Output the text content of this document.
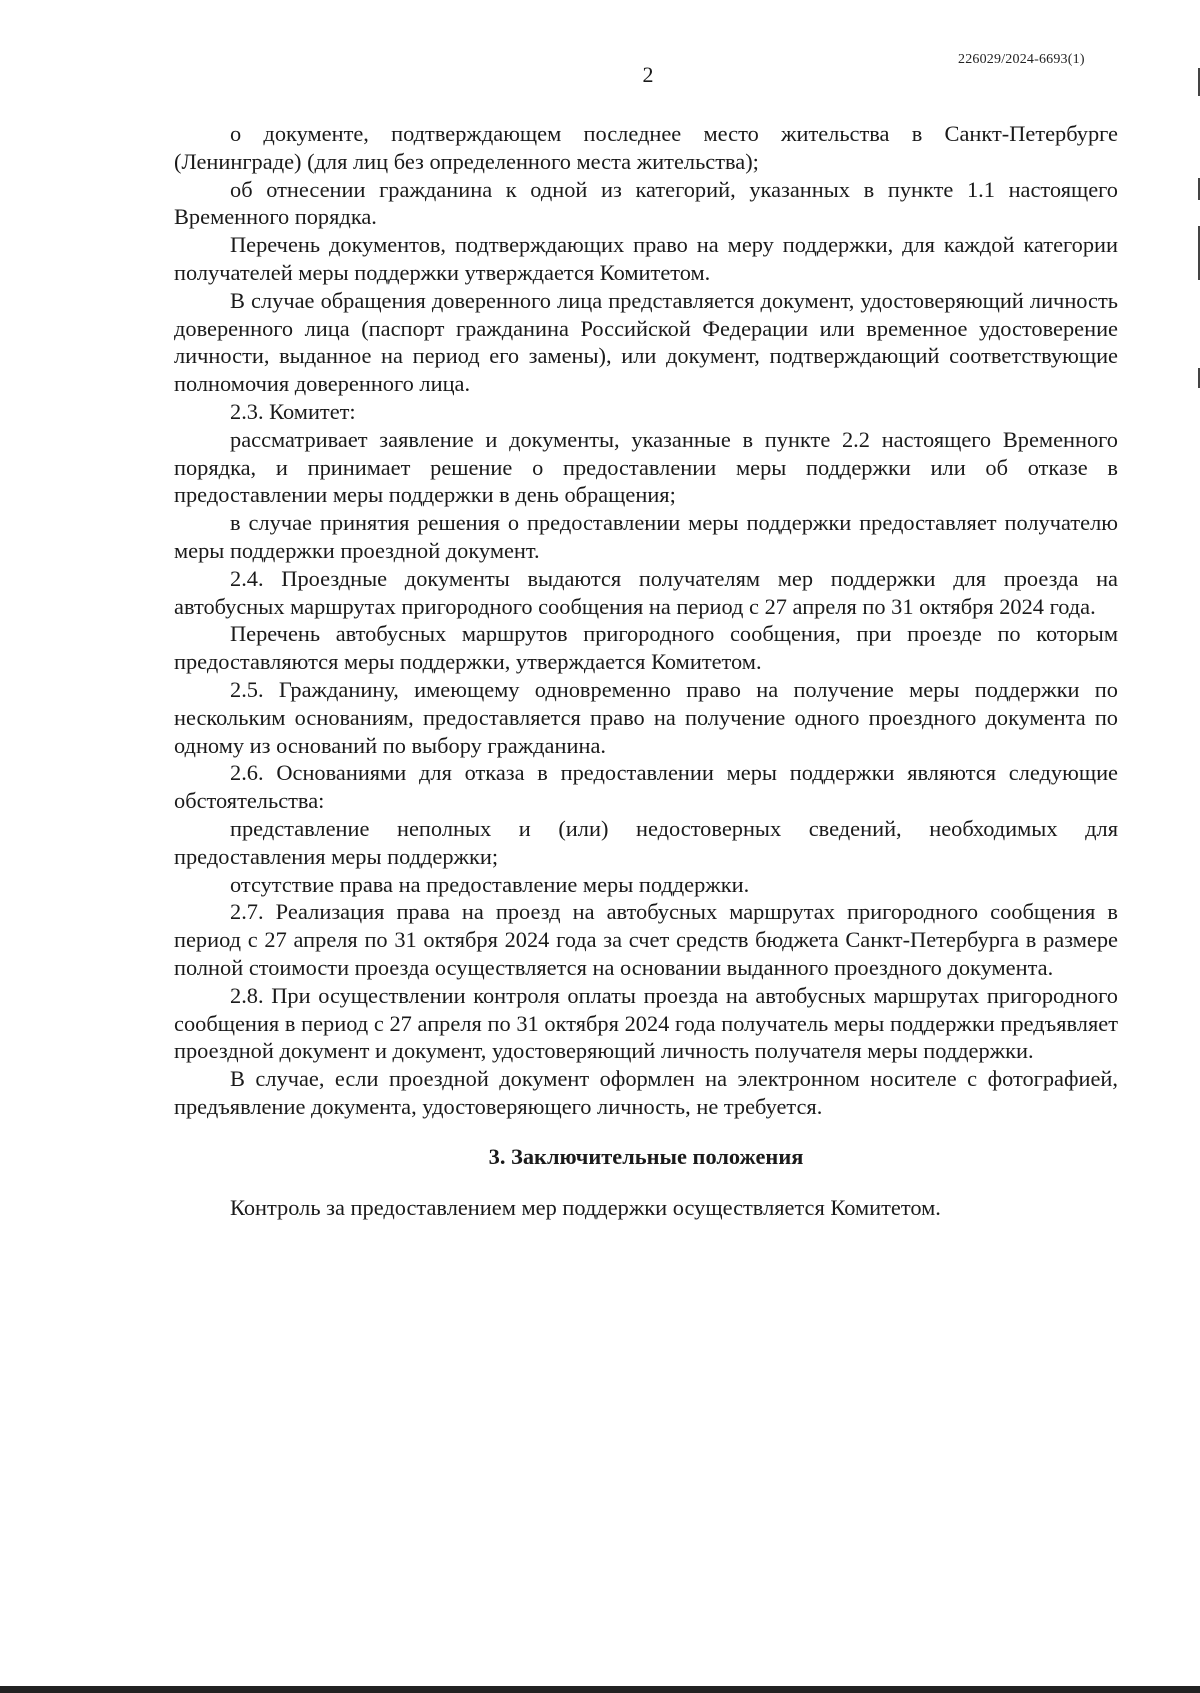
226029/2024-6693(1)
2

о документе, подтверждающем последнее место жительства в Санкт-Петербурге (Ленинграде) (для лиц без определенного места жительства);

об отнесении гражданина к одной из категорий, указанных в пункте 1.1 настоящего Временного порядка.

Перечень документов, подтверждающих право на меру поддержки, для каждой категории получателей меры поддержки утверждается Комитетом.

В случае обращения доверенного лица представляется документ, удостоверяющий личность доверенного лица (паспорт гражданина Российской Федерации или временное удостоверение личности, выданное на период его замены), или документ, подтверждающий соответствующие полномочия доверенного лица.

2.3. Комитет:

рассматривает заявление и документы, указанные в пункте 2.2 настоящего Временного порядка, и принимает решение о предоставлении меры поддержки или об отказе в предоставлении меры поддержки в день обращения;

в случае принятия решения о предоставлении меры поддержки предоставляет получателю меры поддержки проездной документ.

2.4. Проездные документы выдаются получателям мер поддержки для проезда на автобусных маршрутах пригородного сообщения на период с 27 апреля по 31 октября 2024 года.

Перечень автобусных маршрутов пригородного сообщения, при проезде по которым предоставляются меры поддержки, утверждается Комитетом.

2.5. Гражданину, имеющему одновременно право на получение меры поддержки по нескольким основаниям, предоставляется право на получение одного проездного документа по одному из оснований по выбору гражданина.

2.6. Основаниями для отказа в предоставлении меры поддержки являются следующие обстоятельства:

представление неполных и (или) недостоверных сведений, необходимых для предоставления меры поддержки;

отсутствие права на предоставление меры поддержки.

2.7. Реализация права на проезд на автобусных маршрутах пригородного сообщения в период с 27 апреля по 31 октября 2024 года за счет средств бюджета Санкт-Петербурга в размере полной стоимости проезда осуществляется на основании выданного проездного документа.

2.8. При осуществлении контроля оплаты проезда на автобусных маршрутах пригородного сообщения в период с 27 апреля по 31 октября 2024 года получатель меры поддержки предъявляет проездной документ и документ, удостоверяющий личность получателя меры поддержки.

В случае, если проездной документ оформлен на электронном носителе с фотографией, предъявление документа, удостоверяющего личность, не требуется.

3. Заключительные положения

Контроль за предоставлением мер поддержки осуществляется Комитетом.
